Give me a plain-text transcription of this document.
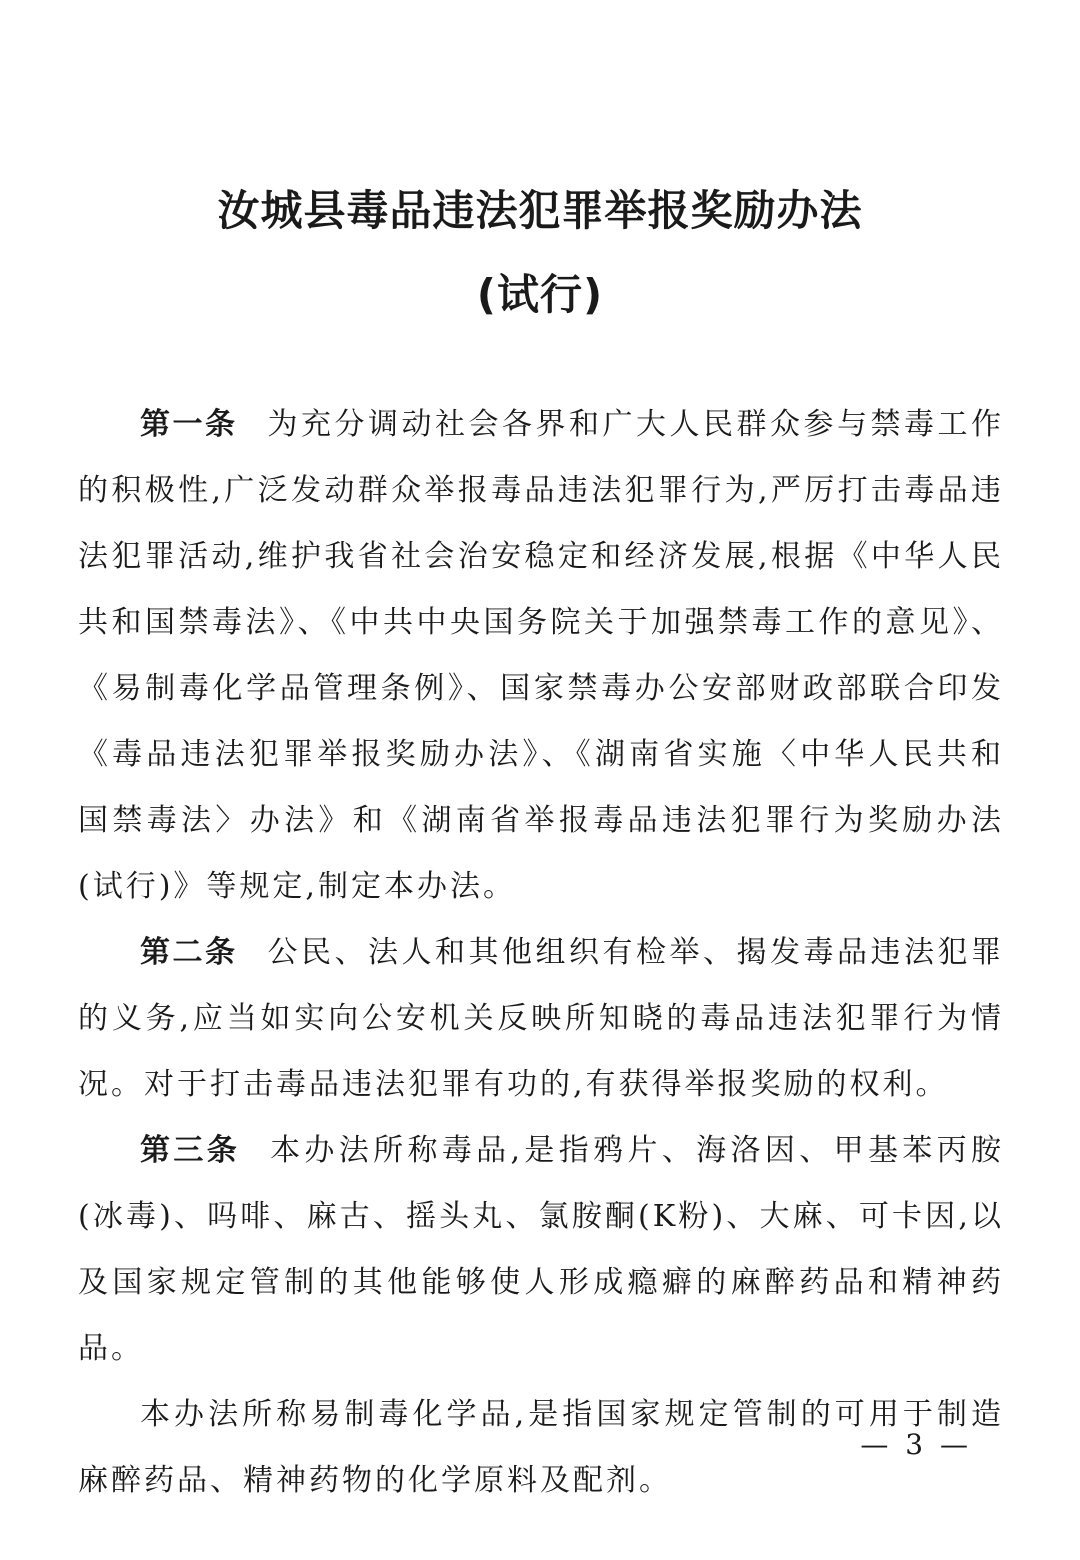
汝城县毒品违法犯罪举报奖励办法
(试行)

第一条 为充分调动社会各界和广大人民群众参与禁毒工作的积极性,广泛发动群众举报毒品违法犯罪行为,严厉打击毒品违法犯罪活动,维护我省社会治安稳定和经济发展,根据《中华人民共和国禁毒法》、《中共中央国务院关于加强禁毒工作的意见》、《易制毒化学品管理条例》、国家禁毒办公安部财政部联合印发《毒品违法犯罪举报奖励办法》、《湖南省实施〈中华人民共和国禁毒法〉办法》和《湖南省举报毒品违法犯罪行为奖励办法(试行)》等规定,制定本办法。

第二条 公民、法人和其他组织有检举、揭发毒品违法犯罪的义务,应当如实向公安机关反映所知晓的毒品违法犯罪行为情况。对于打击毒品违法犯罪有功的,有获得举报奖励的权利。

第三条 本办法所称毒品,是指鸦片、海洛因、甲基苯丙胺(冰毒)、吗啡、麻古、摇头丸、氯胺酮(K粉)、大麻、可卡因,以及国家规定管制的其他能够使人形成瘾癖的麻醉药品和精神药品。

本办法所称易制毒化学品,是指国家规定管制的可用于制造麻醉药品、精神药物的化学原料及配剂。

— 3 —
